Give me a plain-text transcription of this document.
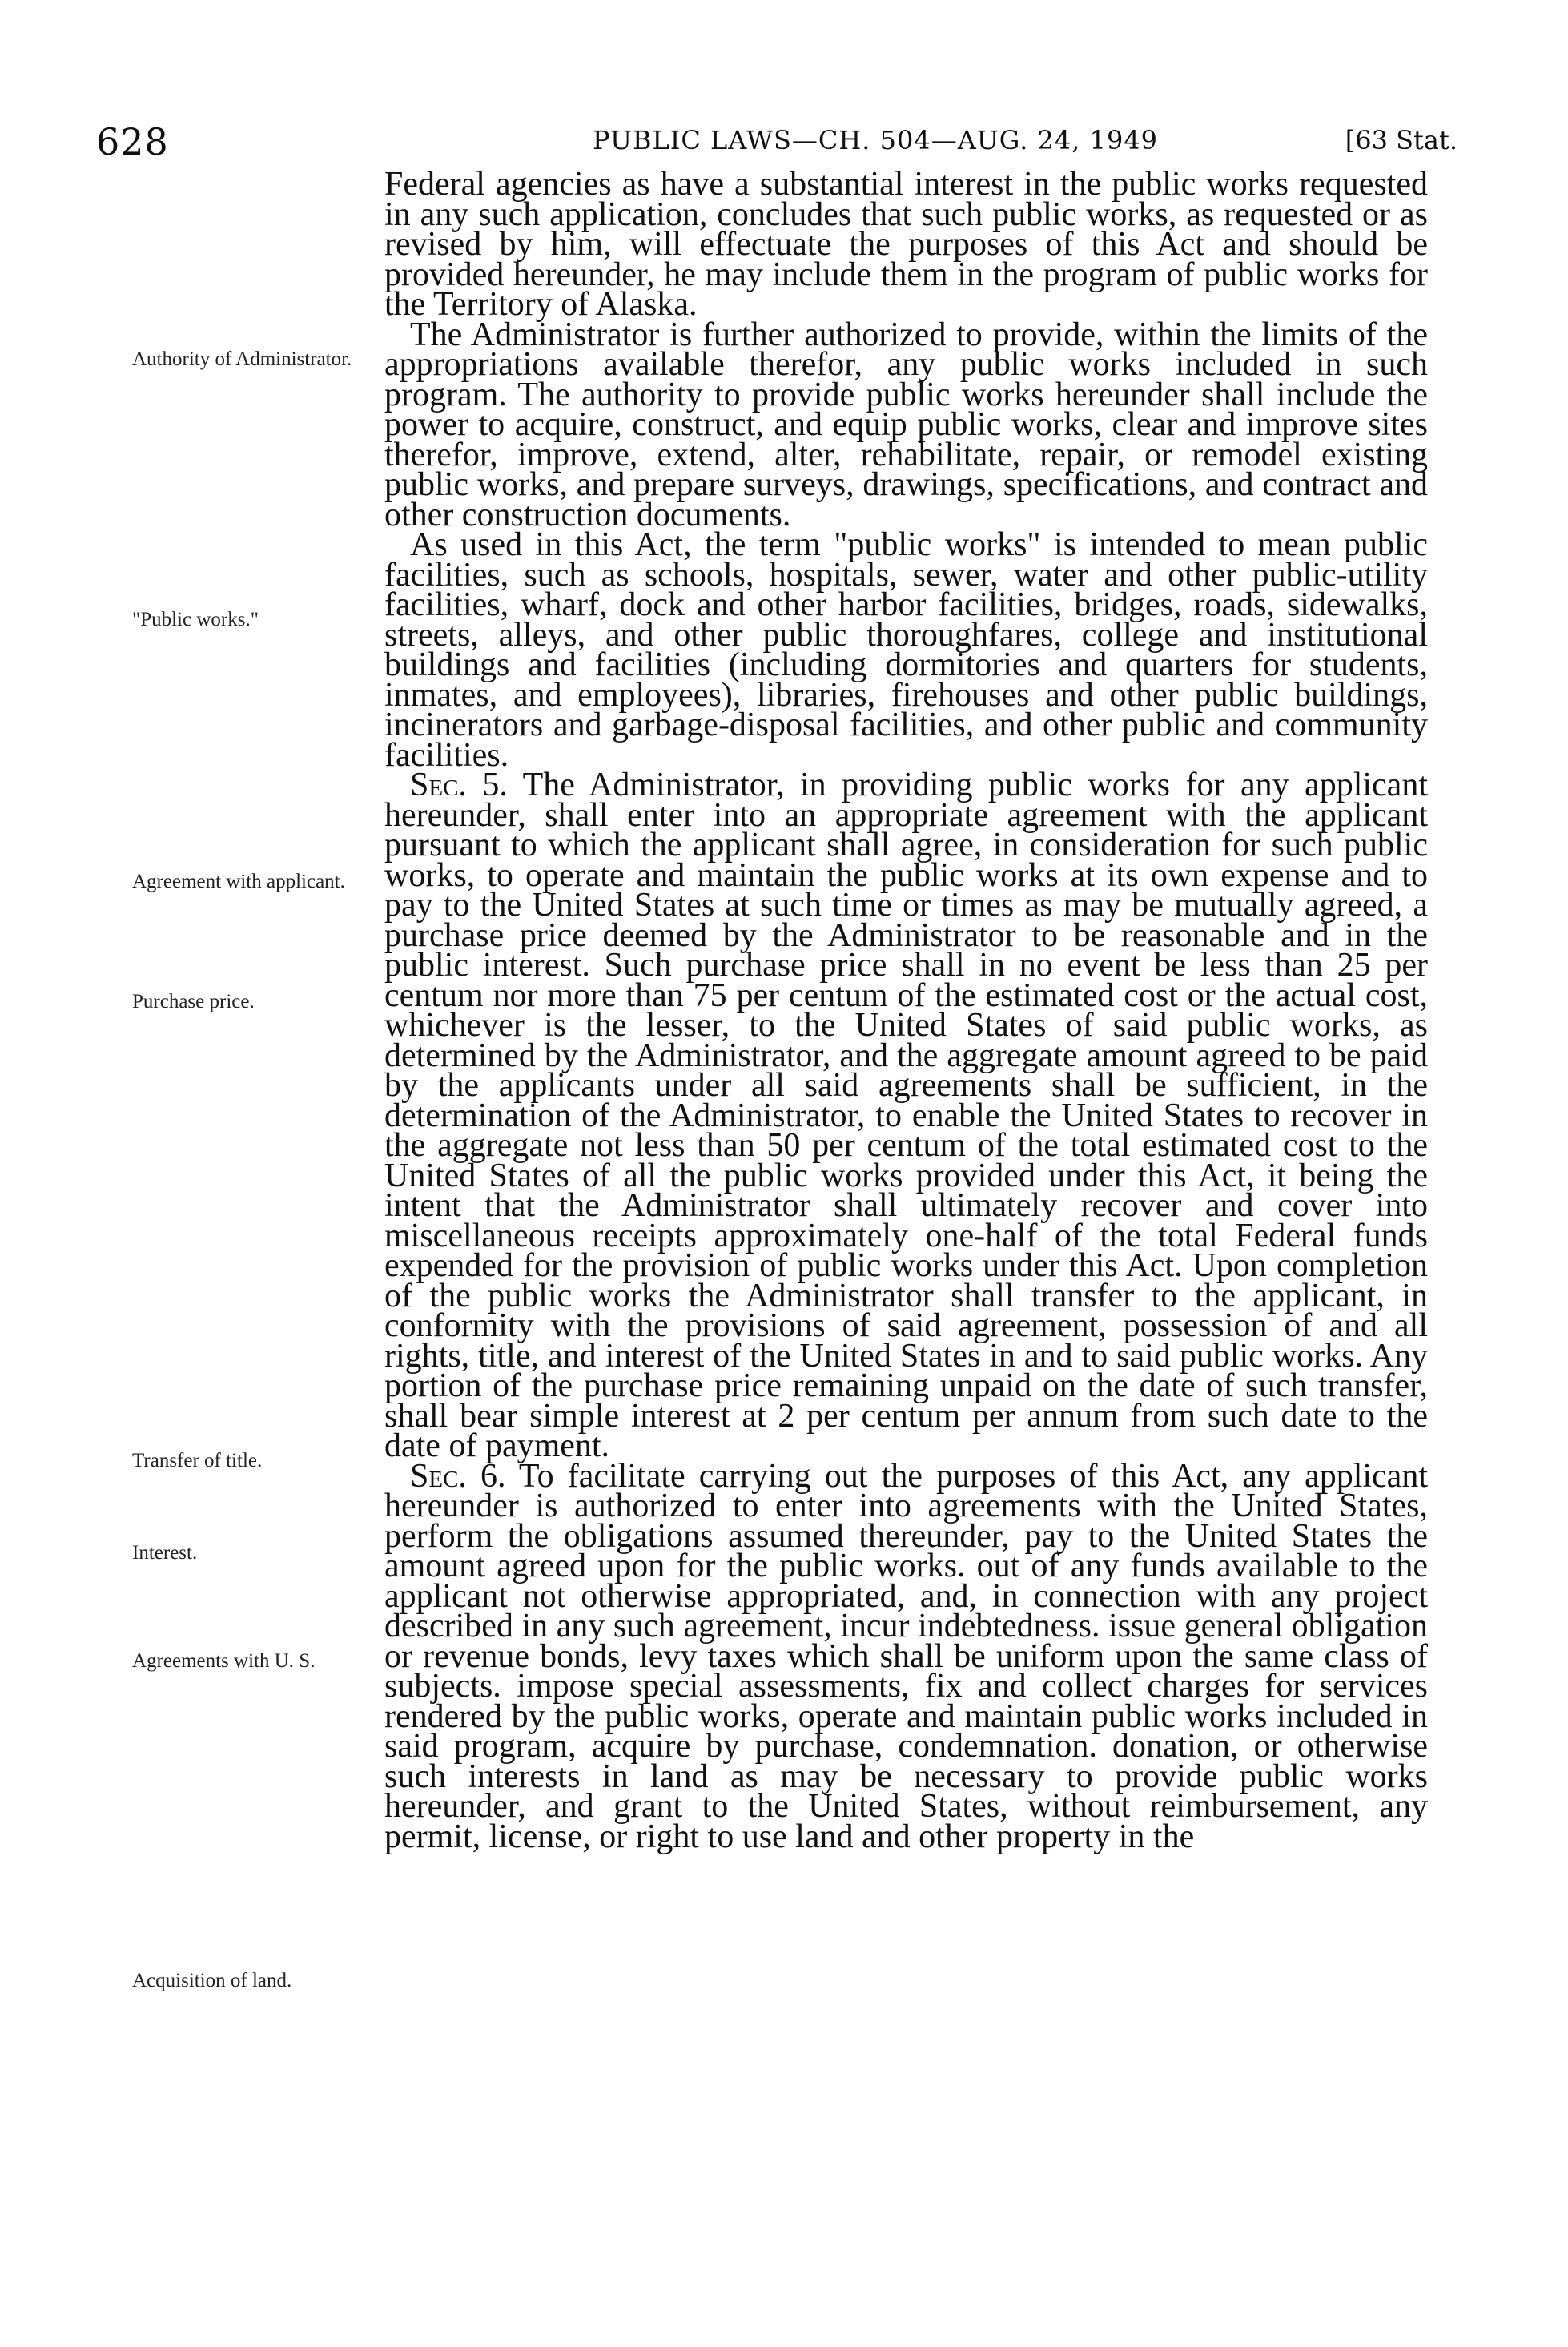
628	PUBLIC LAWS—CH. 504—AUG. 24, 1949	[63 Stat.
Authority of Administrator.
"Public works."
Agreement with applicant.
Purchase price.
Transfer of title.
Interest.
Agreements with U. S.
Acquisition of land.

Federal agencies as have a substantial interest in the public works requested in any such application, concludes that such public works, as requested or as revised by him, will effectuate the purposes of this Act and should be provided hereunder, he may include them in the program of public works for the Territory of Alaska.

The Administrator is further authorized to provide, within the limits of the appropriations available therefor, any public works included in such program. The authority to provide public works hereunder shall include the power to acquire, construct, and equip public works, clear and improve sites therefor, improve, extend, alter, rehabilitate, repair, or remodel existing public works, and prepare surveys, drawings, specifications, and contract and other construction documents.

As used in this Act, the term "public works" is intended to mean public facilities, such as schools, hospitals, sewer, water and other public-utility facilities, wharf, dock and other harbor facilities, bridges, roads, sidewalks, streets, alleys, and other public thoroughfares, college and institutional buildings and facilities (including dormitories and quarters for students, inmates, and employees), libraries, firehouses and other public buildings, incinerators and garbage-disposal facilities, and other public and community facilities.

Sec. 5. The Administrator, in providing public works for any applicant hereunder, shall enter into an appropriate agreement with the applicant pursuant to which the applicant shall agree, in consideration for such public works, to operate and maintain the public works at its own expense and to pay to the United States at such time or times as may be mutually agreed, a purchase price deemed by the Administrator to be reasonable and in the public interest. Such purchase price shall in no event be less than 25 per centum nor more than 75 per centum of the estimated cost or the actual cost, whichever is the lesser, to the United States of said public works, as determined by the Administrator, and the aggregate amount agreed to be paid by the applicants under all said agreements shall be sufficient, in the determination of the Administrator, to enable the United States to recover in the aggregate not less than 50 per centum of the total estimated cost to the United States of all the public works provided under this Act, it being the intent that the Administrator shall ultimately recover and cover into miscellaneous receipts approximately one-half of the total Federal funds expended for the provision of public works under this Act. Upon completion of the public works the Administrator shall transfer to the applicant, in conformity with the provisions of said agreement, possession of and all rights, title, and interest of the United States in and to said public works. Any portion of the purchase price remaining unpaid on the date of such transfer, shall bear simple interest at 2 per centum per annum from such date to the date of payment.

Sec. 6. To facilitate carrying out the purposes of this Act, any applicant hereunder is authorized to enter into agreements with the United States, perform the obligations assumed thereunder, pay to the United States the amount agreed upon for the public works. out of any funds available to the applicant not otherwise appropriated, and, in connection with any project described in any such agreement, incur indebtedness. issue general obligation or revenue bonds, levy taxes which shall be uniform upon the same class of subjects. impose special assessments, fix and collect charges for services rendered by the public works, operate and maintain public works included in said program, acquire by purchase, condemnation. donation, or otherwise such interests in land as may be necessary to provide public works hereunder, and grant to the United States, without reimbursement, any permit, license, or right to use land and other property in the
